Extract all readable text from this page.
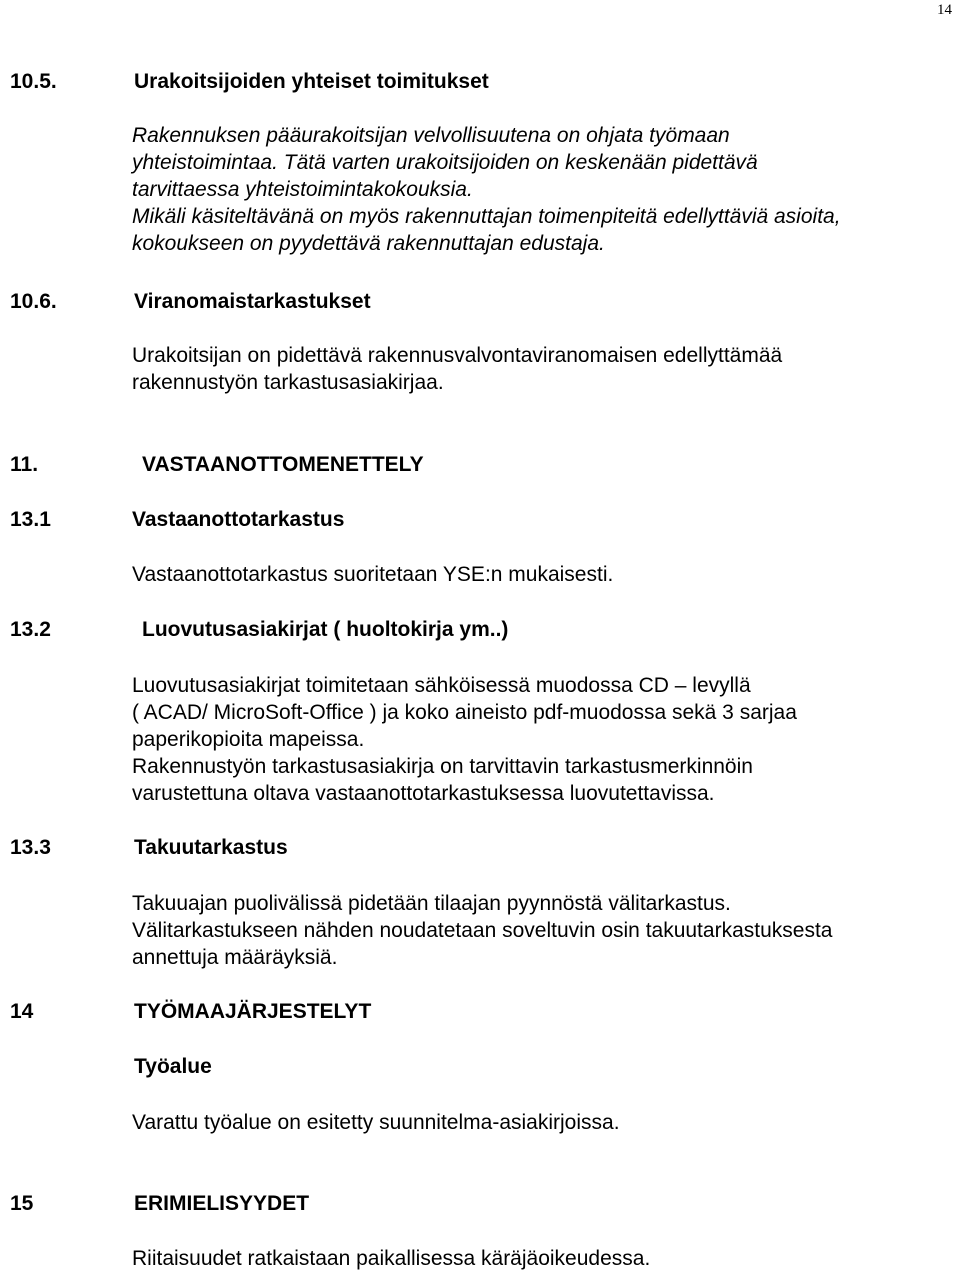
14
10.5.	Urakoitsijoiden yhteiset toimitukset
Rakennuksen pääurakoitsijan velvollisuutena on ohjata työmaan
yhteistoimintaa. Tätä varten urakoitsijoiden on keskenään pidettävä
tarvittaessa yhteistoimintakokouksia.
Mikäli käsiteltävänä on myös rakennuttajan toimenpiteitä edellyttäviä asioita,
kokoukseen on pyydettävä rakennuttajan edustaja.
10.6.	Viranomaistarkastukset
Urakoitsijan on pidettävä rakennusvalvontaviranomaisen edellyttämää
rakennustyön tarkastusasiakirjaa.
11.	VASTAANOTTOMENETTELY
13.1	Vastaanottotarkastus
Vastaanottotarkastus suoritetaan YSE:n mukaisesti.
13.2	Luovutusasiakirjat ( huoltokirja ym..)
Luovutusasiakirjat toimitetaan sähköisessä muodossa CD – levyllä
( ACAD/ MicroSoft-Office ) ja koko aineisto pdf-muodossa sekä 3 sarjaa
paperikopioita mapeissa.
Rakennustyön tarkastusasiakirja on tarvittavin tarkastusmerkinnöin
varustettuna oltava vastaanottotarkastuksessa luovutettavissa.
13.3	Takuutarkastus
Takuuajan puolivälissä pidetään tilaajan pyynnöstä välitarkastus.
Välitarkastukseen nähden noudatetaan soveltuvin osin takuutarkastuksesta
annettuja määräyksiä.
14	TYÖMAAJÄRJESTELYT
Työalue
Varattu työalue on esitetty suunnitelma-asiakirjoissa.
15	ERIMIELISYYDET
Riitaisuudet ratkaistaan paikallisessa käräjäoikeudessa.
